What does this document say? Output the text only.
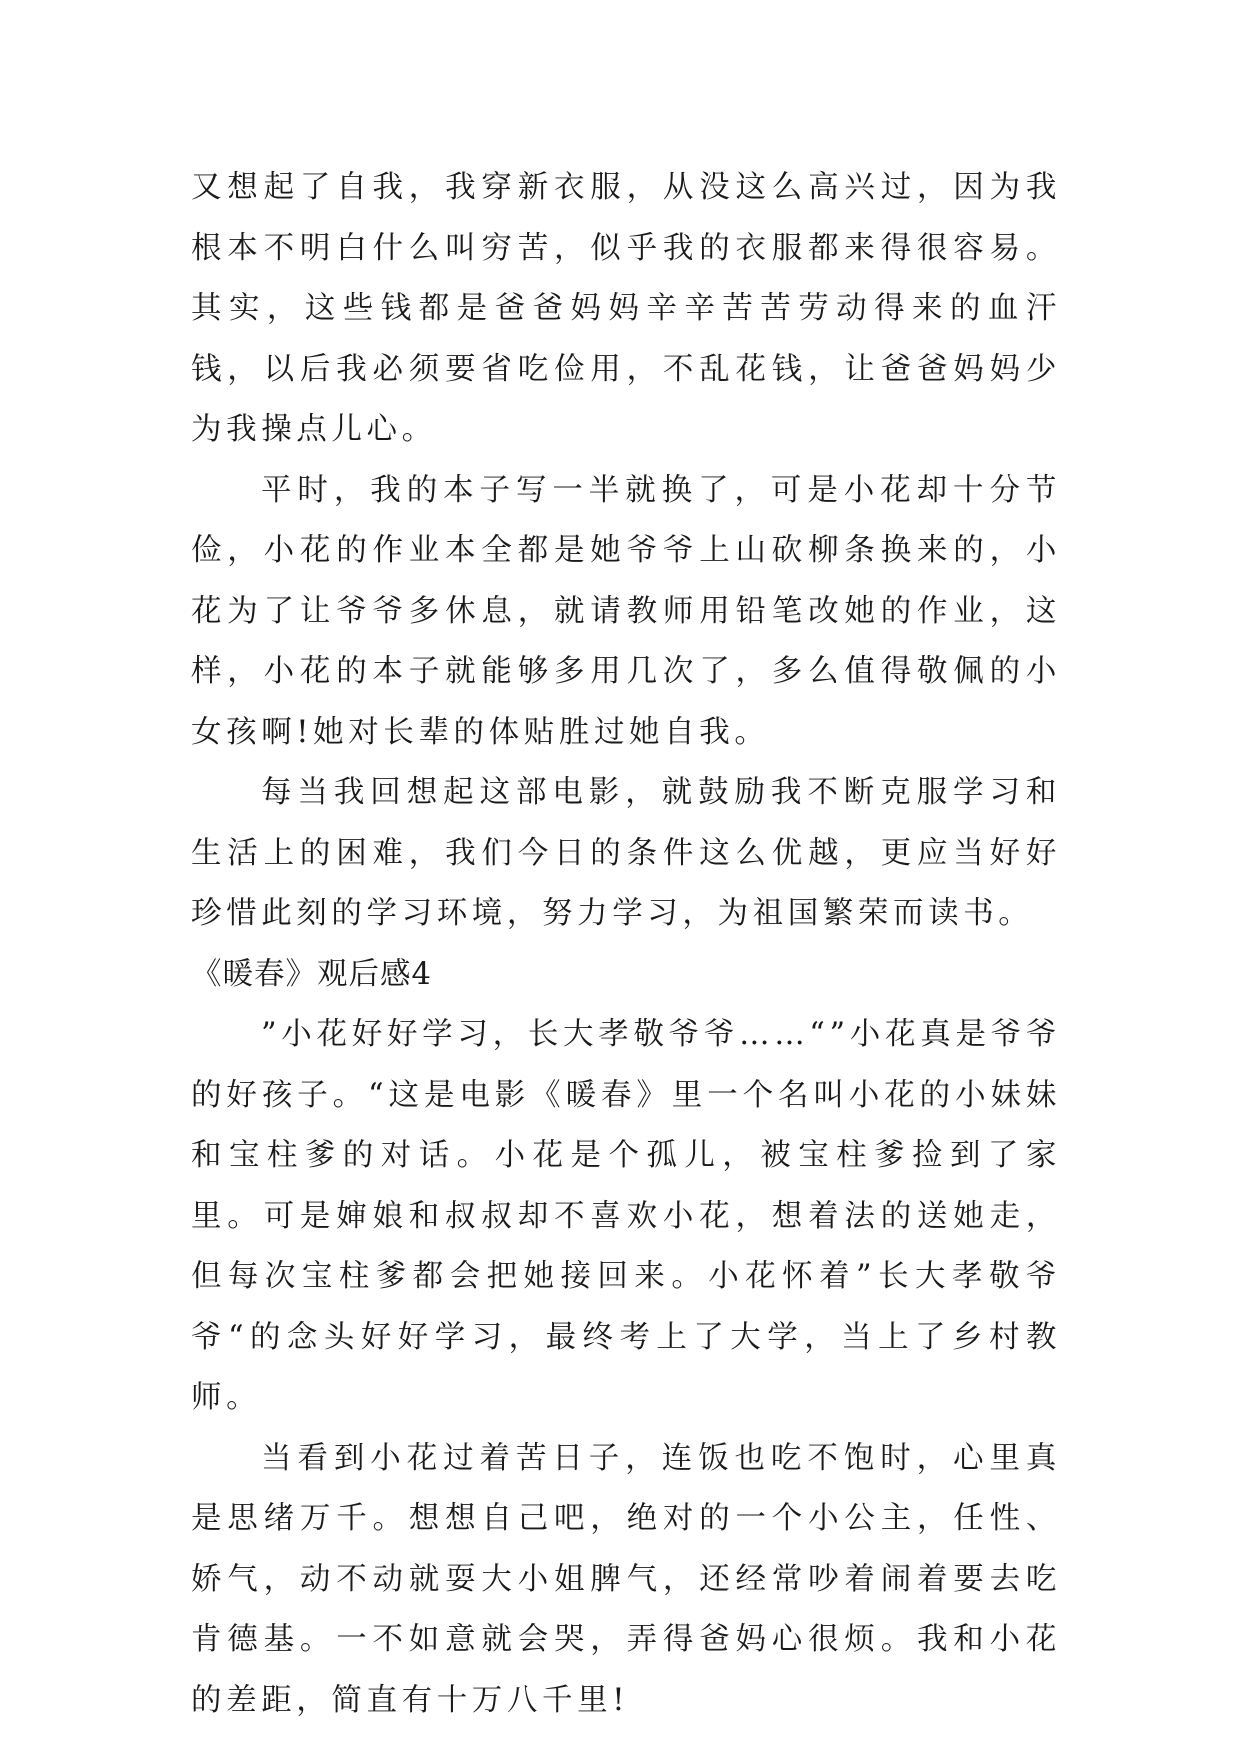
又想起了自我，我穿新衣服，从没这么高兴过，因为我根本不明白什么叫穷苦，似乎我的衣服都来得很容易。其实，这些钱都是爸爸妈妈辛辛苦苦劳动得来的血汗钱，以后我必须要省吃俭用，不乱花钱，让爸爸妈妈少为我操点儿心。

平时，我的本子写一半就换了，可是小花却十分节俭，小花的作业本全都是她爷爷上山砍柳条换来的，小花为了让爷爷多休息，就请教师用铅笔改她的作业，这样，小花的本子就能够多用几次了，多么值得敬佩的小女孩啊!她对长辈的体贴胜过她自我。

每当我回想起这部电影，就鼓励我不断克服学习和生活上的困难，我们今日的条件这么优越，更应当好好珍惜此刻的学习环境，努力学习，为祖国繁荣而读书。

《暖春》观后感4

”小花好好学习，长大孝敬爷爷……“”小花真是爷爷的好孩子。“这是电影《暖春》里一个名叫小花的小妹妹和宝柱爹的对话。小花是个孤儿，被宝柱爹捡到了家里。可是婶娘和叔叔却不喜欢小花，想着法的送她走，但每次宝柱爹都会把她接回来。小花怀着”长大孝敬爷爷“的念头好好学习，最终考上了大学，当上了乡村教师。

当看到小花过着苦日子，连饭也吃不饱时，心里真是思绪万千。想想自己吧，绝对的一个小公主，任性、娇气，动不动就耍大小姐脾气，还经常吵着闹着要去吃肯德基。一不如意就会哭，弄得爸妈心很烦。我和小花的差距，简直有十万八千里!
